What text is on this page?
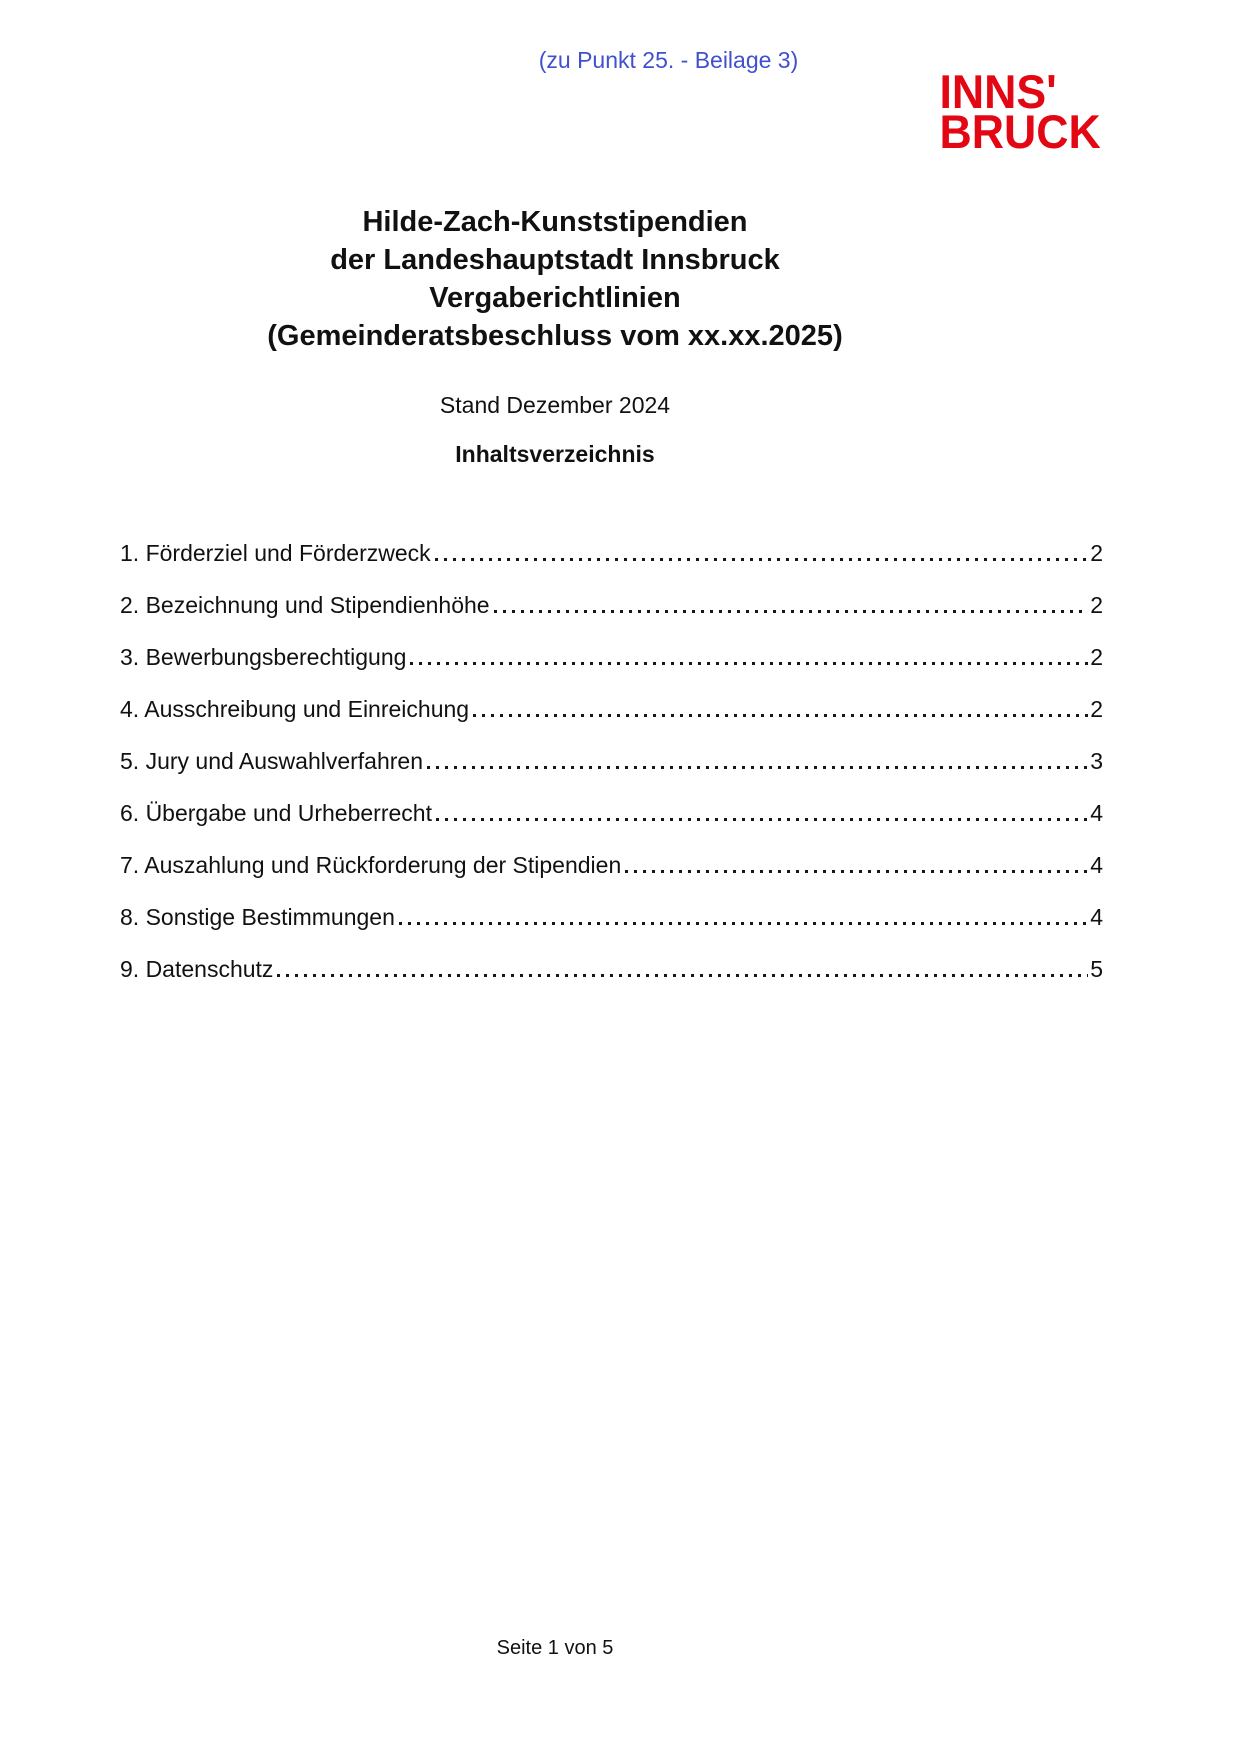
(zu Punkt 25. - Beilage 3)
INNS'
BRUCK
Hilde-Zach-Kunststipendien
der Landeshauptstadt Innsbruck
Vergaberichtlinien
(Gemeinderatsbeschluss vom xx.xx.2025)
Stand Dezember 2024
Inhaltsverzeichnis
1. Förderziel und Förderzweck	2
2. Bezeichnung und Stipendienhöhe	2
3. Bewerbungsberechtigung	2
4. Ausschreibung und Einreichung	2
5. Jury und Auswahlverfahren	3
6. Übergabe und Urheberrecht	4
7. Auszahlung und Rückforderung der Stipendien	4
8. Sonstige Bestimmungen	4
9. Datenschutz	5
Seite 1 von 5
